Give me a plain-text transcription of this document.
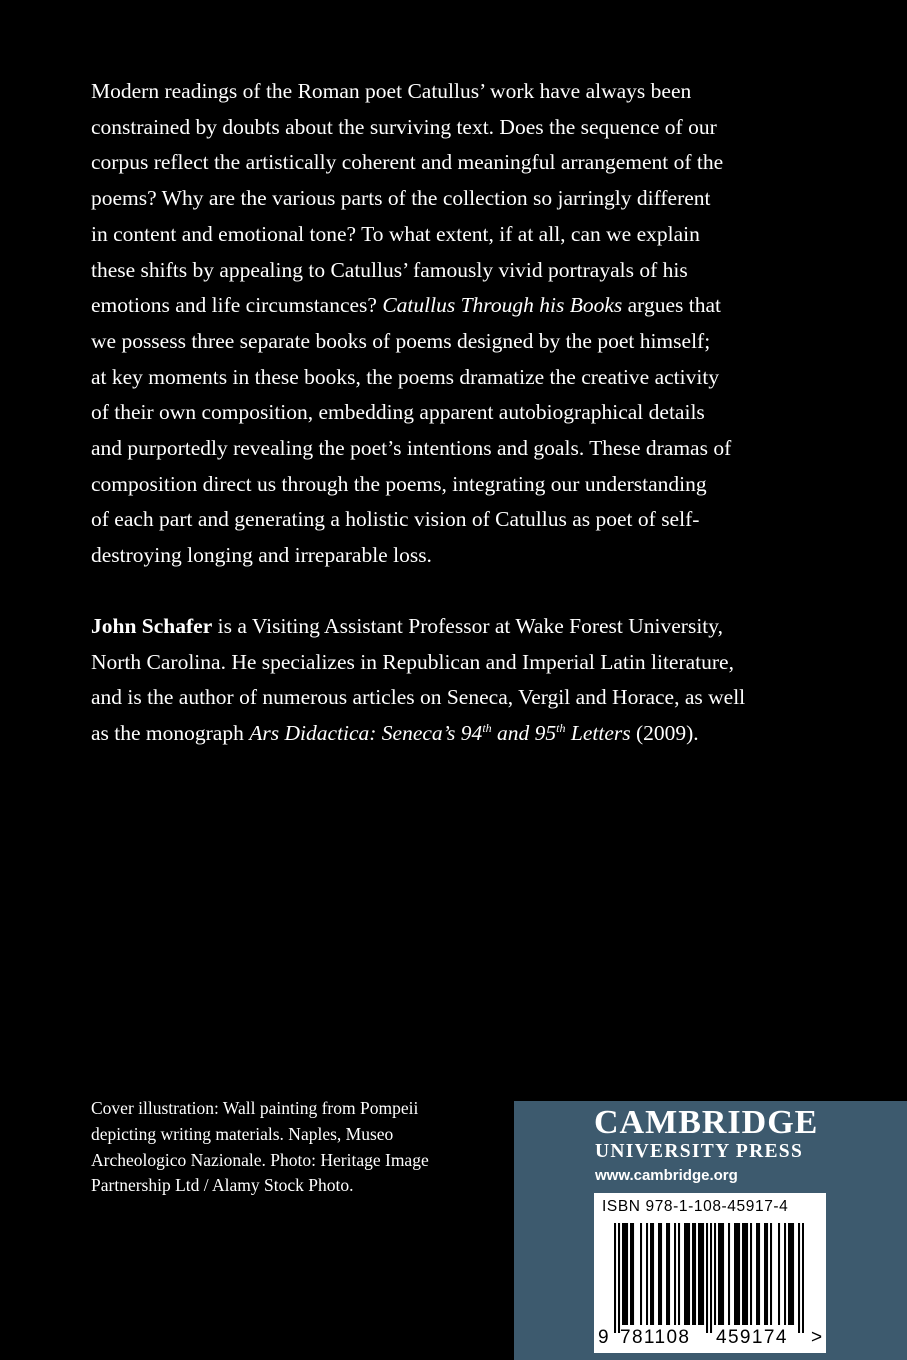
Modern readings of the Roman poet Catullus’ work have always been
constrained by doubts about the surviving text. Does the sequence of our
corpus reflect the artistically coherent and meaningful arrangement of the
poems? Why are the various parts of the collection so jarringly different
in content and emotional tone? To what extent, if at all, can we explain
these shifts by appealing to Catullus’ famously vivid portrayals of his
emotions and life circumstances? Catullus Through his Books argues that
we possess three separate books of poems designed by the poet himself;
at key moments in these books, the poems dramatize the creative activity
of their own composition, embedding apparent autobiographical details
and purportedly revealing the poet’s intentions and goals. These dramas of
composition direct us through the poems, integrating our understanding
of each part and generating a holistic vision of Catullus as poet of self-
destroying longing and irreparable loss.
John Schafer is a Visiting Assistant Professor at Wake Forest University,
North Carolina. He specializes in Republican and Imperial Latin literature,
and is the author of numerous articles on Seneca, Vergil and Horace, as well
as the monograph Ars Didactica: Seneca’s 94th and 95th Letters (2009).
Cover illustration: Wall painting from Pompeii
depicting writing materials. Naples, Museo
Archeologico Nazionale. Photo: Heritage Image
Partnership Ltd / Alamy Stock Photo.
CAMBRIDGE
UNIVERSITY PRESS
www.cambridge.org
ISBN 978-1-108-45917-4
9 781108 459174 >
